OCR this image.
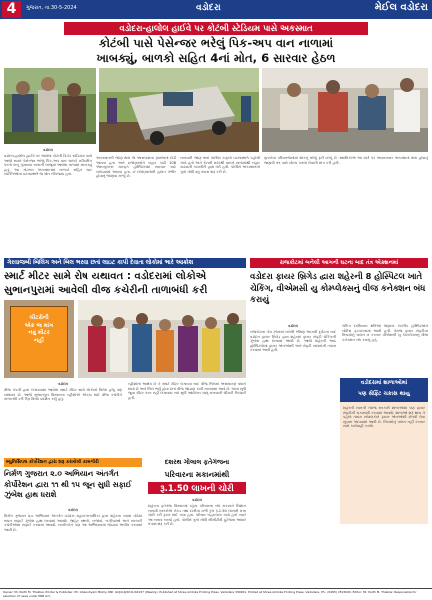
4	ગુજરાત, તા.30-5-2024	વડોદરા	મેઈલ વડોદરા
વડોદરા-હાલોલ હાઈવે પર કોટંબી સ્ટેડિયમ પાસે અકસ્માત
કોટંબી પાસે પેસેન્જર ભરેલું પિક-અપ વાન નાળામાં
ખાબક્યું, બાળકો સહિત 4નાં મોત, 6 સારવાર હેઠળ

વડોદરા

વડોદરા-હાલોલ હાઈવે પર આવેલા કોટંબી ક્રિકેટ સ્ટેડિયમ પાસે આજે સવારે પેસેન્જર ભરેલું પિક-અપ વાન ચાલકે સ્ટીયરિંગ પરનો કાબૂ ગુમાવતા રસ્તાની બાજુમાં આવેલા નાળામાં ખાબક્યું હતું. આ ગોઝારા અકસ્માતમાં બાળકો સહિત ચાર વ્યક્તિઓના ઘટનાસ્થળે જ મોત નીપજ્યા હતા.

અકસ્માતની જાણ થતાં જ આસપાસના ગ્રામજનો દોડી આવ્યા હતા અને ઇજાગ્રસ્તોને બહાર કાઢી 108 એમ્બ્યુલન્સ મારફતે હોસ્પિટલમાં સારવાર માટે ખસેડવામાં આવ્યા હતા. છ ઇજાગ્રસ્તોની હાલત ગંભીર હોવાનું જાણવા મળ્યું છે.

બનાવની જાણ થતાં પોલીસ કાફલો ઘટનાસ્થળે પહોંચી ગયો હતો અને ક્રેનની મદદથી વાનને નાળામાંથી બહાર કાઢવાની કામગીરી હાથ ધરી હતી. પોલીસે અકસ્માતનો ગુનો નોંધી વધુ તપાસ શરૂ કરી છે.

મૃતકોના પરિવારજનોમાં શોકનું મોજું ફરી વળ્યું છે. સ્થાનિકોએ આ માર્ગ પર અવારનવાર અકસ્માતો થતા હોવાનું જણાવી તંત્ર પાસે યોગ્ય પગલાં લેવાની માંગ કરી હતી.

ગેરવાજબી બિલિંગ અને બિલ ભરવા છતાં લાઇટ કાપી દેવાતા લોકોમાં ભારે આક્રોશ
સ્માર્ટ મીટર સામે રોષ યથાવત : વડોદરામાં લોકોએ
સુભાનપુરામાં આવેલી વીજ કચેરીની તાળાબંધી કરી
ચીટરોની
એક જ માંગ
નવું મીટર
નહીં

વડોદરા

વીજ કંપની દ્વારા લગાવવામાં આવેલા સ્માર્ટ મીટર સામે લોકોનો વિરોધ હજુ પણ યથાવત છે. આજે સુભાનપુરા વિસ્તારના રહીશોએ એકઠા થઈ વીજ કચેરીને તાળાબંધી કરી ઉગ્ર વિરોધ પ્રદર્શન કર્યું હતું.

રહીશોનો આક્ષેપ છે કે સ્માર્ટ મીટર લગાવ્યા બાદ વીજ બિલમાં અસાધારણ વધારો થયો છે અને બિલ ભર્યું હોવા છતાં વીજ જોડાણ કાપી નાખવામાં આવે છે. જ્યાં સુધી જૂના મીટર પરત નહીં લગાવાય ત્યાં સુધી આંદોલન ચાલુ રાખવાની ચીમકી ઉચ્ચારી હતી.

રાજકોટમાં બનેલી આગની ઘટના બાદ તંત્ર એક્શનમાં
વડોદરા ફાયર બ્રિગેડ દ્વારા શહેરની 8 હોસ્પિટલ ખાતે ચેકિંગ, વીએમસી યુ કોમ્પ્લેક્સનું વીજ કનેક્શન બંધ કરાયું

વડોદરા

રાજકોટના ગેમ ઝોનમાં બનેલી ભીષણ આગની દુર્ઘટના બાદ વડોદરા ફાયર બ્રિગેડ દ્વારા શહેરમાં ફાયર સેફ્ટી ચેકિંગની ઝુંબેશ હાથ ધરવામાં આવી છે. આજે શહેરની આઠ હોસ્પિટલોમાં ફાયર એનઓસી અને સેફ્ટી સાધનોની તપાસ કરવામાં આવી હતી.

ચેકિંગ દરમિયાન ક્ષતિઓ જણાતા કેટલીક હોસ્પિટલોને નોટિસ ફટકારવામાં આવી હતી. તેમજ ફાયર સેફ્ટીના નિયમોનું પાલન ન કરનાર વીએમસી યુ કોમ્પ્લેક્સનું વીજ કનેક્શન બંધ કરાયું હતું.

વડોદરામાં શાળાઓમાં
પણ સેફ્ટિ ચકાસ થાયુ
શહેરની ખાનગી તેમજ સરકારી શાળાઓમાં પણ ફાયર સેફ્ટીની ચકાસણી કરવામાં આવશે. શાળાઓ શરૂ થાય તે પહેલાં તમામ સંચાલકોને ફાયર એનઓસી મેળવી લેવા સૂચના આપવામાં આવી છે. નિયમોનું પાલન નહીં કરનાર સામે કાર્યવાહી કરાશે.
મ્યુનિસિપલ કોર્પોરેશન દ્વારા શરૂ કરાયેલી કામગીરી
નિર્મળ ગુજરાત ૨.૦ અભિયાન અંતર્ગત કોર્પોરેશન દ્વારા ૧૧ થી ૧૫ જૂન સુધી સફાઈ ઝુંબેશ હાથ ધરાશે

વડોદરા

નિર્મળ ગુજરાત ૨.૦ અભિયાન અંતર્ગત વડોદરા મહાનગરપાલિકા દ્વારા શહેરના તમામ વોર્ડમાં સઘન સફાઈ ઝુંબેશ હાથ ધરવામાં આવશે. જાહેર સ્થળો, બજારો, બગીચાઓ અને સરકારી કચેરીઓમાં સફાઈ કરવામાં આવશે. નાગરિકોને પણ આ અભિયાનમાં જોડાવા અપીલ કરવામાં આવી છે.

દશરથ ગોલાલ ફતેગંજના
પરિવારના મકાનમાંથી
રૂ.1.50 લાખની ચોરી

વડોદરા

શહેરના ફતેગંજ વિસ્તારમાં રહેતા પરિવારના બંધ મકાનને નિશાન બનાવી તસ્કરોએ રોકડ તથા દાગીના મળી કુલ રૂ.1.50 લાખની મત્તા ચોરી કરી ફરાર થઈ ગયા હતા. પરિવાર બહારગામ ગયો હતો ત્યારે આ બનાવ બન્યો હતો. પોલીસે ગુનો નોંધી સીસીટીવી ફૂટેજના આધારે તપાસ શરૂ કરી છે.

Owner: Mr. Parth M. Thakkar. Printer & Publisher: Mr. Ghanshyam Mistry. RNI: GUJGUJ/2011/44107 (Weekly). Published at Shree Ambika Printing Press, Vadodara 390001. Printed at Shree Ambika Printing Press, Vadodara. Ph.: (0265) 2515000. Editor: Mr. Parth M. Thakkar. Responsible for selection of news under PRB Act.
